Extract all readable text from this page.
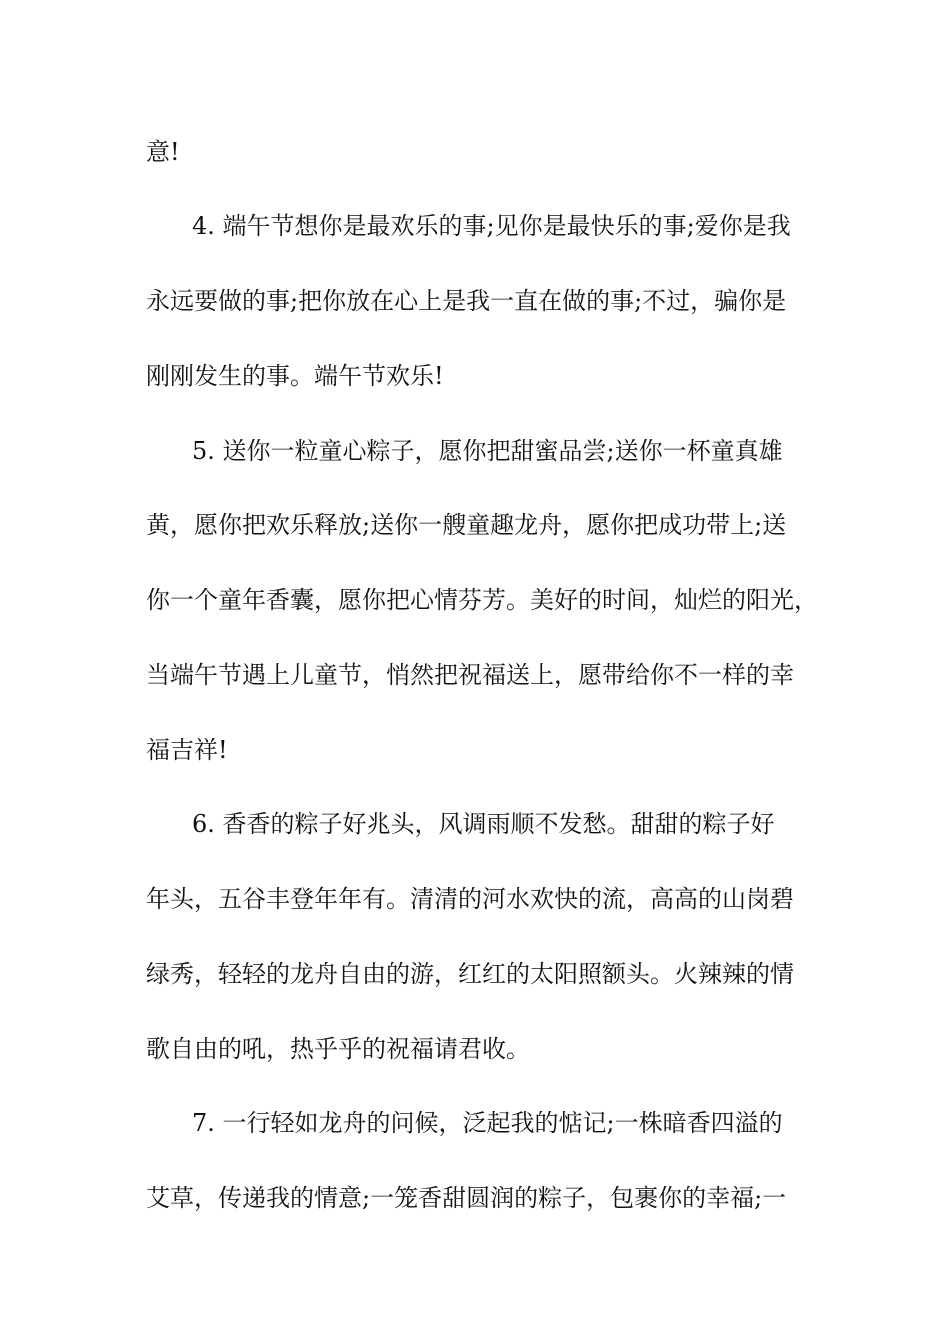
意!
4. 端午节想你是最欢乐的事;见你是最快乐的事;爱你是我
永远要做的事;把你放在心上是我一直在做的事;不过，骗你是
刚刚发生的事。端午节欢乐!
5. 送你一粒童心粽子，愿你把甜蜜品尝;送你一杯童真雄
黄，愿你把欢乐释放;送你一艘童趣龙舟，愿你把成功带上;送
你一个童年香囊，愿你把心情芬芳。美好的时间，灿烂的阳光，
当端午节遇上儿童节，悄然把祝福送上，愿带给你不一样的幸
福吉祥!
6. 香香的粽子好兆头，风调雨顺不发愁。甜甜的粽子好
年头，五谷丰登年年有。清清的河水欢快的流，高高的山岗碧
绿秀，轻轻的龙舟自由的游，红红的太阳照额头。火辣辣的情
歌自由的吼，热乎乎的祝福请君收。
7. 一行轻如龙舟的问候，泛起我的惦记;一株暗香四溢的
艾草，传递我的情意;一笼香甜圆润的粽子，包裹你的幸福;一
